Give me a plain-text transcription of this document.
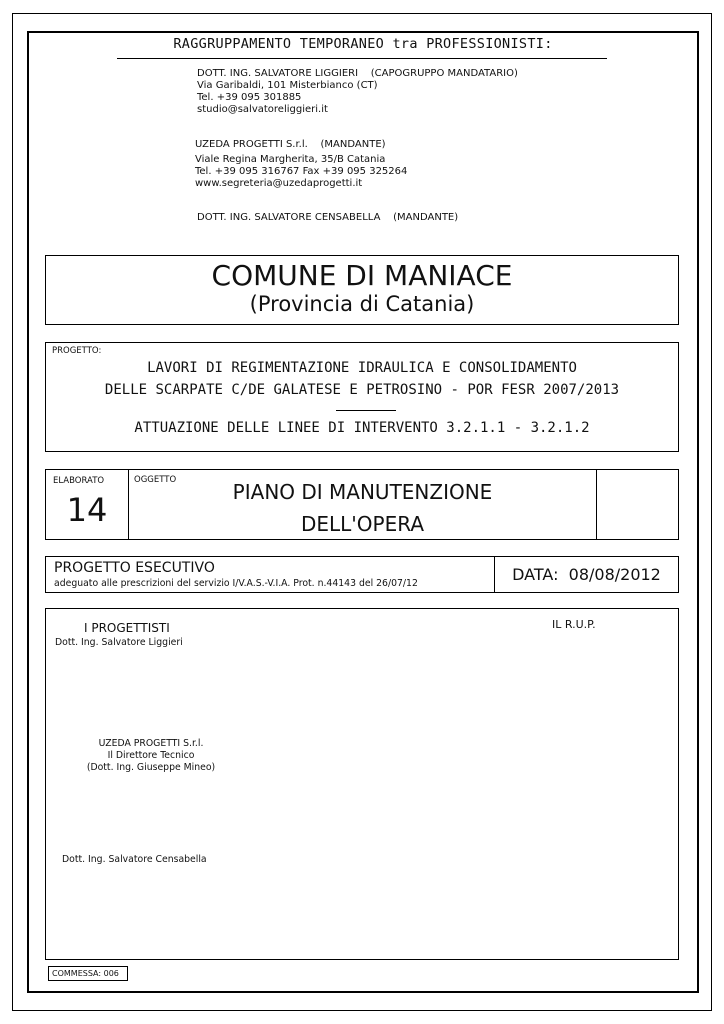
RAGGRUPPAMENTO TEMPORANEO tra PROFESSIONISTI:
DOTT. ING. SALVATORE LIGGIERI    (CAPOGRUPPO MANDATARIO)
Via Garibaldi, 101 Misterbianco (CT)
Tel. +39 095 301885
studio@salvatoreliggieri.it
UZEDA PROGETTI S.r.l.    (MANDANTE)
Viale Regina Margherita, 35/B Catania
Tel. +39 095 316767 Fax +39 095 325264
www.segreteria@uzedaprogetti.it
DOTT. ING. SALVATORE CENSABELLA    (MANDANTE)
COMUNE DI MANIACE
(Provincia di Catania)
PROGETTO:
LAVORI DI REGIMENTAZIONE IDRAULICA E CONSOLIDAMENTO
DELLE SCARPATE C/DE GALATESE E PETROSINO - POR FESR 2007/2013
ATTUAZIONE DELLE LINEE DI INTERVENTO 3.2.1.1 - 3.2.1.2
ELABORATO
14
OGGETTO	PIANO DI MANUTENZIONE
DELL'OPERA
PROGETTO ESECUTIVO
adeguato alle prescrizioni del servizio I/V.A.S.-V.I.A. Prot. n.44143 del 26/07/12	DATA:  08/08/2012
I PROGETTISTI	IL R.U.P.
Dott. Ing. Salvatore Liggieri
UZEDA PROGETTI S.r.l.
Il Direttore Tecnico
(Dott. Ing. Giuseppe Mineo)
Dott. Ing. Salvatore Censabella
COMMESSA: 006
